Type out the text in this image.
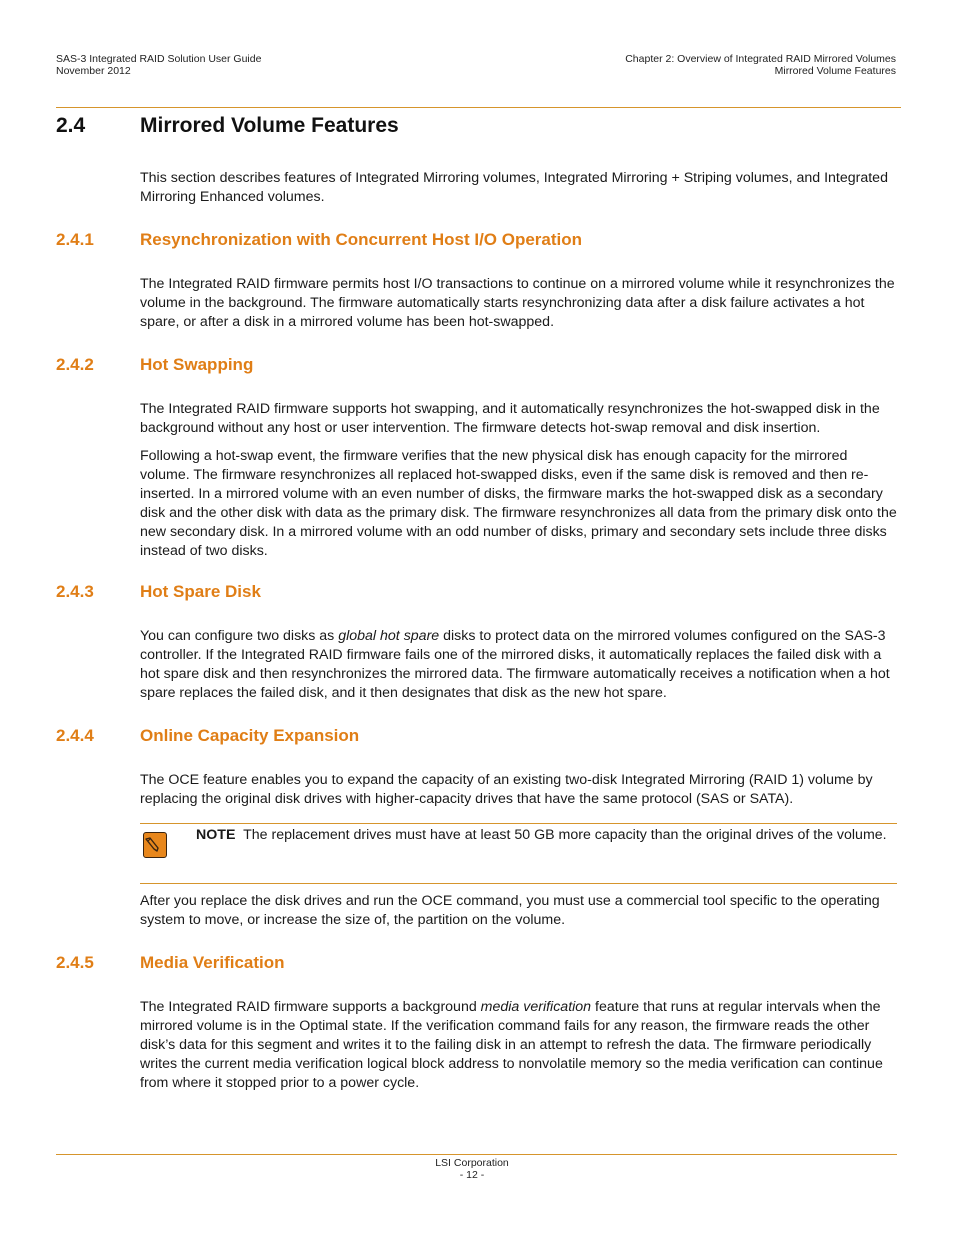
SAS-3 Integrated RAID Solution User Guide
November 2012
Chapter 2: Overview of Integrated RAID Mirrored Volumes
Mirrored Volume Features
2.4	Mirrored Volume Features
This section describes features of Integrated Mirroring volumes, Integrated Mirroring + Striping volumes, and Integrated Mirroring Enhanced volumes.
2.4.1	Resynchronization with Concurrent Host I/O Operation
The Integrated RAID firmware permits host I/O transactions to continue on a mirrored volume while it resynchronizes the volume in the background. The firmware automatically starts resynchronizing data after a disk failure activates a hot spare, or after a disk in a mirrored volume has been hot-swapped.
2.4.2	Hot Swapping
The Integrated RAID firmware supports hot swapping, and it automatically resynchronizes the hot-swapped disk in the background without any host or user intervention. The firmware detects hot-swap removal and disk insertion.
Following a hot-swap event, the firmware verifies that the new physical disk has enough capacity for the mirrored volume. The firmware resynchronizes all replaced hot-swapped disks, even if the same disk is removed and then re-inserted. In a mirrored volume with an even number of disks, the firmware marks the hot-swapped disk as a secondary disk and the other disk with data as the primary disk. The firmware resynchronizes all data from the primary disk onto the new secondary disk. In a mirrored volume with an odd number of disks, primary and secondary sets include three disks instead of two disks.
2.4.3	Hot Spare Disk
You can configure two disks as global hot spare disks to protect data on the mirrored volumes configured on the SAS-3 controller. If the Integrated RAID firmware fails one of the mirrored disks, it automatically replaces the failed disk with a hot spare disk and then resynchronizes the mirrored data. The firmware automatically receives a notification when a hot spare replaces the failed disk, and it then designates that disk as the new hot spare.
2.4.4	Online Capacity Expansion
The OCE feature enables you to expand the capacity of an existing two-disk Integrated Mirroring (RAID 1) volume by replacing the original disk drives with higher-capacity drives that have the same protocol (SAS or SATA).
NOTE The replacement drives must have at least 50 GB more capacity than the original drives of the volume.
After you replace the disk drives and run the OCE command, you must use a commercial tool specific to the operating system to move, or increase the size of, the partition on the volume.
2.4.5	Media Verification
The Integrated RAID firmware supports a background media verification feature that runs at regular intervals when the mirrored volume is in the Optimal state. If the verification command fails for any reason, the firmware reads the other disk’s data for this segment and writes it to the failing disk in an attempt to refresh the data. The firmware periodically writes the current media verification logical block address to nonvolatile memory so the media verification can continue from where it stopped prior to a power cycle.
LSI Corporation
- 12 -
